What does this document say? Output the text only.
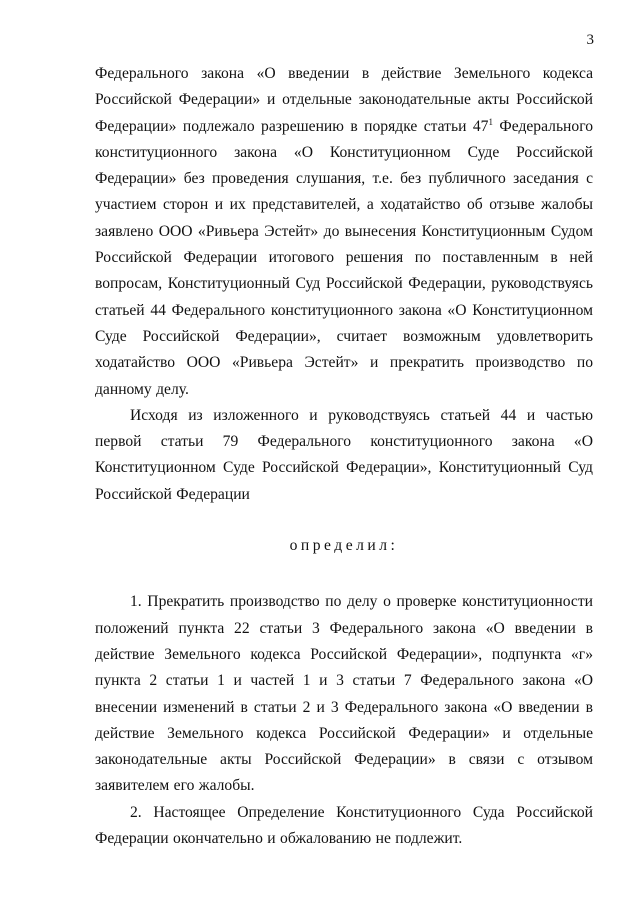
3

Федерального закона «О введении в действие Земельного кодекса Российской Федерации» и отдельные законодательные акты Российской Федерации» подлежало разрешению в порядке статьи $47^1$ Федерального конституционного закона «О Конституционном Суде Российской Федерации» без проведения слушания, т.е. без публичного заседания с участием сторон и их представителей, а ходатайство об отзыве жалобы заявлено ООО «Ривьера Эстейт» до вынесения Конституционным Судом Российской Федерации итогового решения по поставленным в ней вопросам, Конституционный Суд Российской Федерации, руководствуясь статьей 44 Федерального конституционного закона «О Конституционном Суде Российской Федерации», считает возможным удовлетворить ходатайство ООО «Ривьера Эстейт» и прекратить производство по данному делу.

Исходя из изложенного и руководствуясь статьей 44 и частью первой статьи 79 Федерального конституционного закона «О Конституционном Суде Российской Федерации», Конституционный Суд Российской Федерации

определил:

1. Прекратить производство по делу о проверке конституционности положений пункта 22 статьи 3 Федерального закона «О введении в действие Земельного кодекса Российской Федерации», подпункта «г» пункта 2 статьи 1 и частей 1 и 3 статьи 7 Федерального закона «О внесении изменений в статьи 2 и 3 Федерального закона «О введении в действие Земельного кодекса Российской Федерации» и отдельные законодательные акты Российской Федерации» в связи с отзывом заявителем его жалобы.

2. Настоящее Определение Конституционного Суда Российской Федерации окончательно и обжалованию не подлежит.
